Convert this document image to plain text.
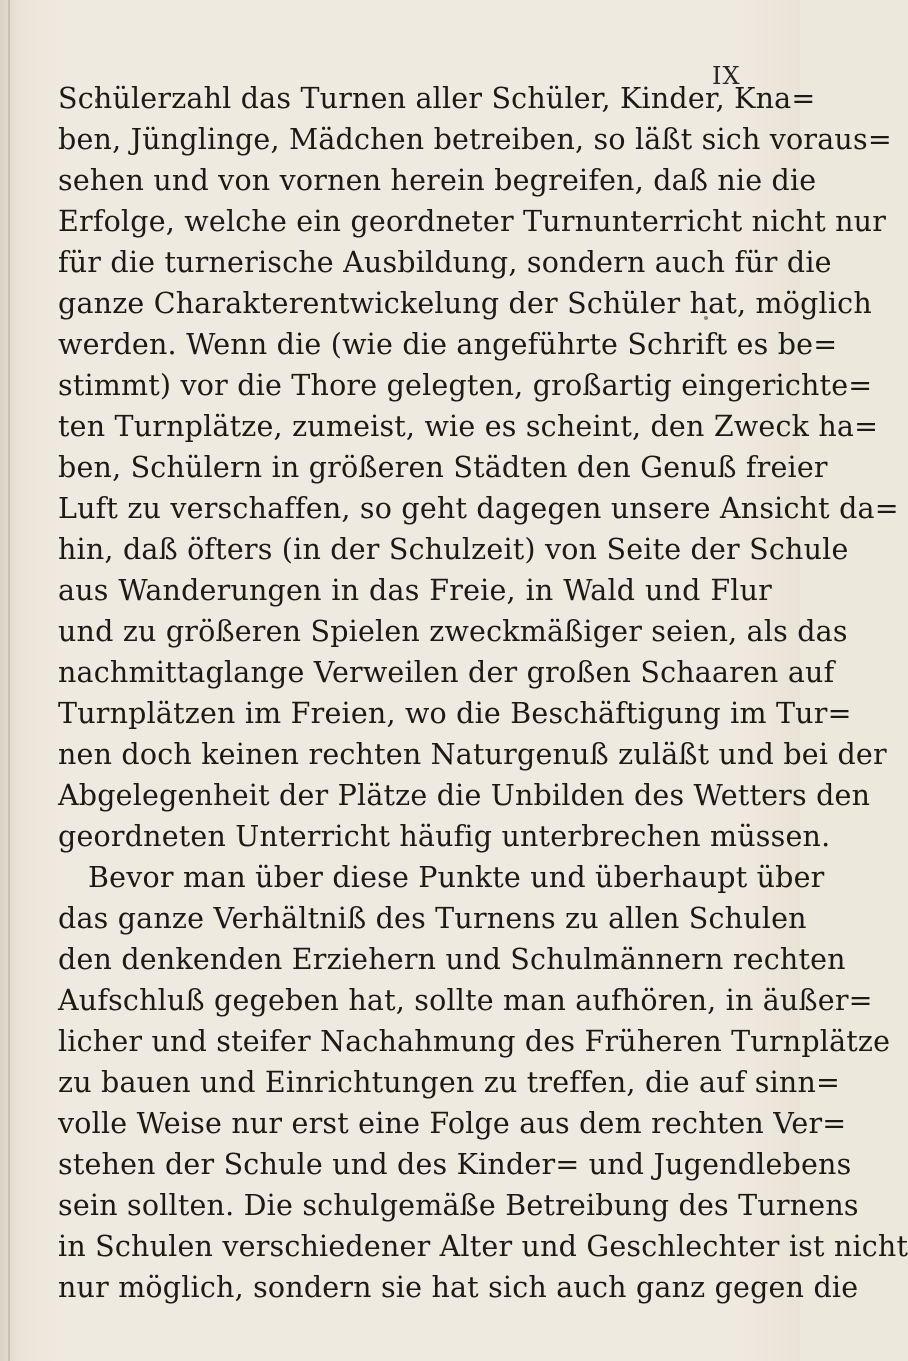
IX
Schülerzahl das Turnen aller Schüler, Kinder, Kna=
ben, Jünglinge, Mädchen betreiben, so läßt sich voraus=
sehen und von vornen herein begreifen, daß nie die
Erfolge, welche ein geordneter Turnunterricht nicht nur
für die turnerische Ausbildung, sondern auch für die
ganze Charakterentwickelung der Schüler hat, möglich
werden. Wenn die (wie die angeführte Schrift es be=
stimmt) vor die Thore gelegten, großartig eingerichte=
ten Turnplätze, zumeist, wie es scheint, den Zweck ha=
ben, Schülern in größeren Städten den Genuß freier
Luft zu verschaffen, so geht dagegen unsere Ansicht da=
hin, daß öfters (in der Schulzeit) von Seite der Schule
aus Wanderungen in das Freie, in Wald und Flur
und zu größeren Spielen zweckmäßiger seien, als das
nachmittaglange Verweilen der großen Schaaren auf
Turnplätzen im Freien, wo die Beschäftigung im Tur=
nen doch keinen rechten Naturgenuß zuläßt und bei der
Abgelegenheit der Plätze die Unbilden des Wetters den
geordneten Unterricht häufig unterbrechen müssen.
Bevor man über diese Punkte und überhaupt über
das ganze Verhältniß des Turnens zu allen Schulen
den denkenden Erziehern und Schulmännern rechten
Aufschluß gegeben hat, sollte man aufhören, in äußer=
licher und steifer Nachahmung des Früheren Turnplätze
zu bauen und Einrichtungen zu treffen, die auf sinn=
volle Weise nur erst eine Folge aus dem rechten Ver=
stehen der Schule und des Kinder= und Jugendlebens
sein sollten. Die schulgemäße Betreibung des Turnens
in Schulen verschiedener Alter und Geschlechter ist nicht
nur möglich, sondern sie hat sich auch ganz gegen die
